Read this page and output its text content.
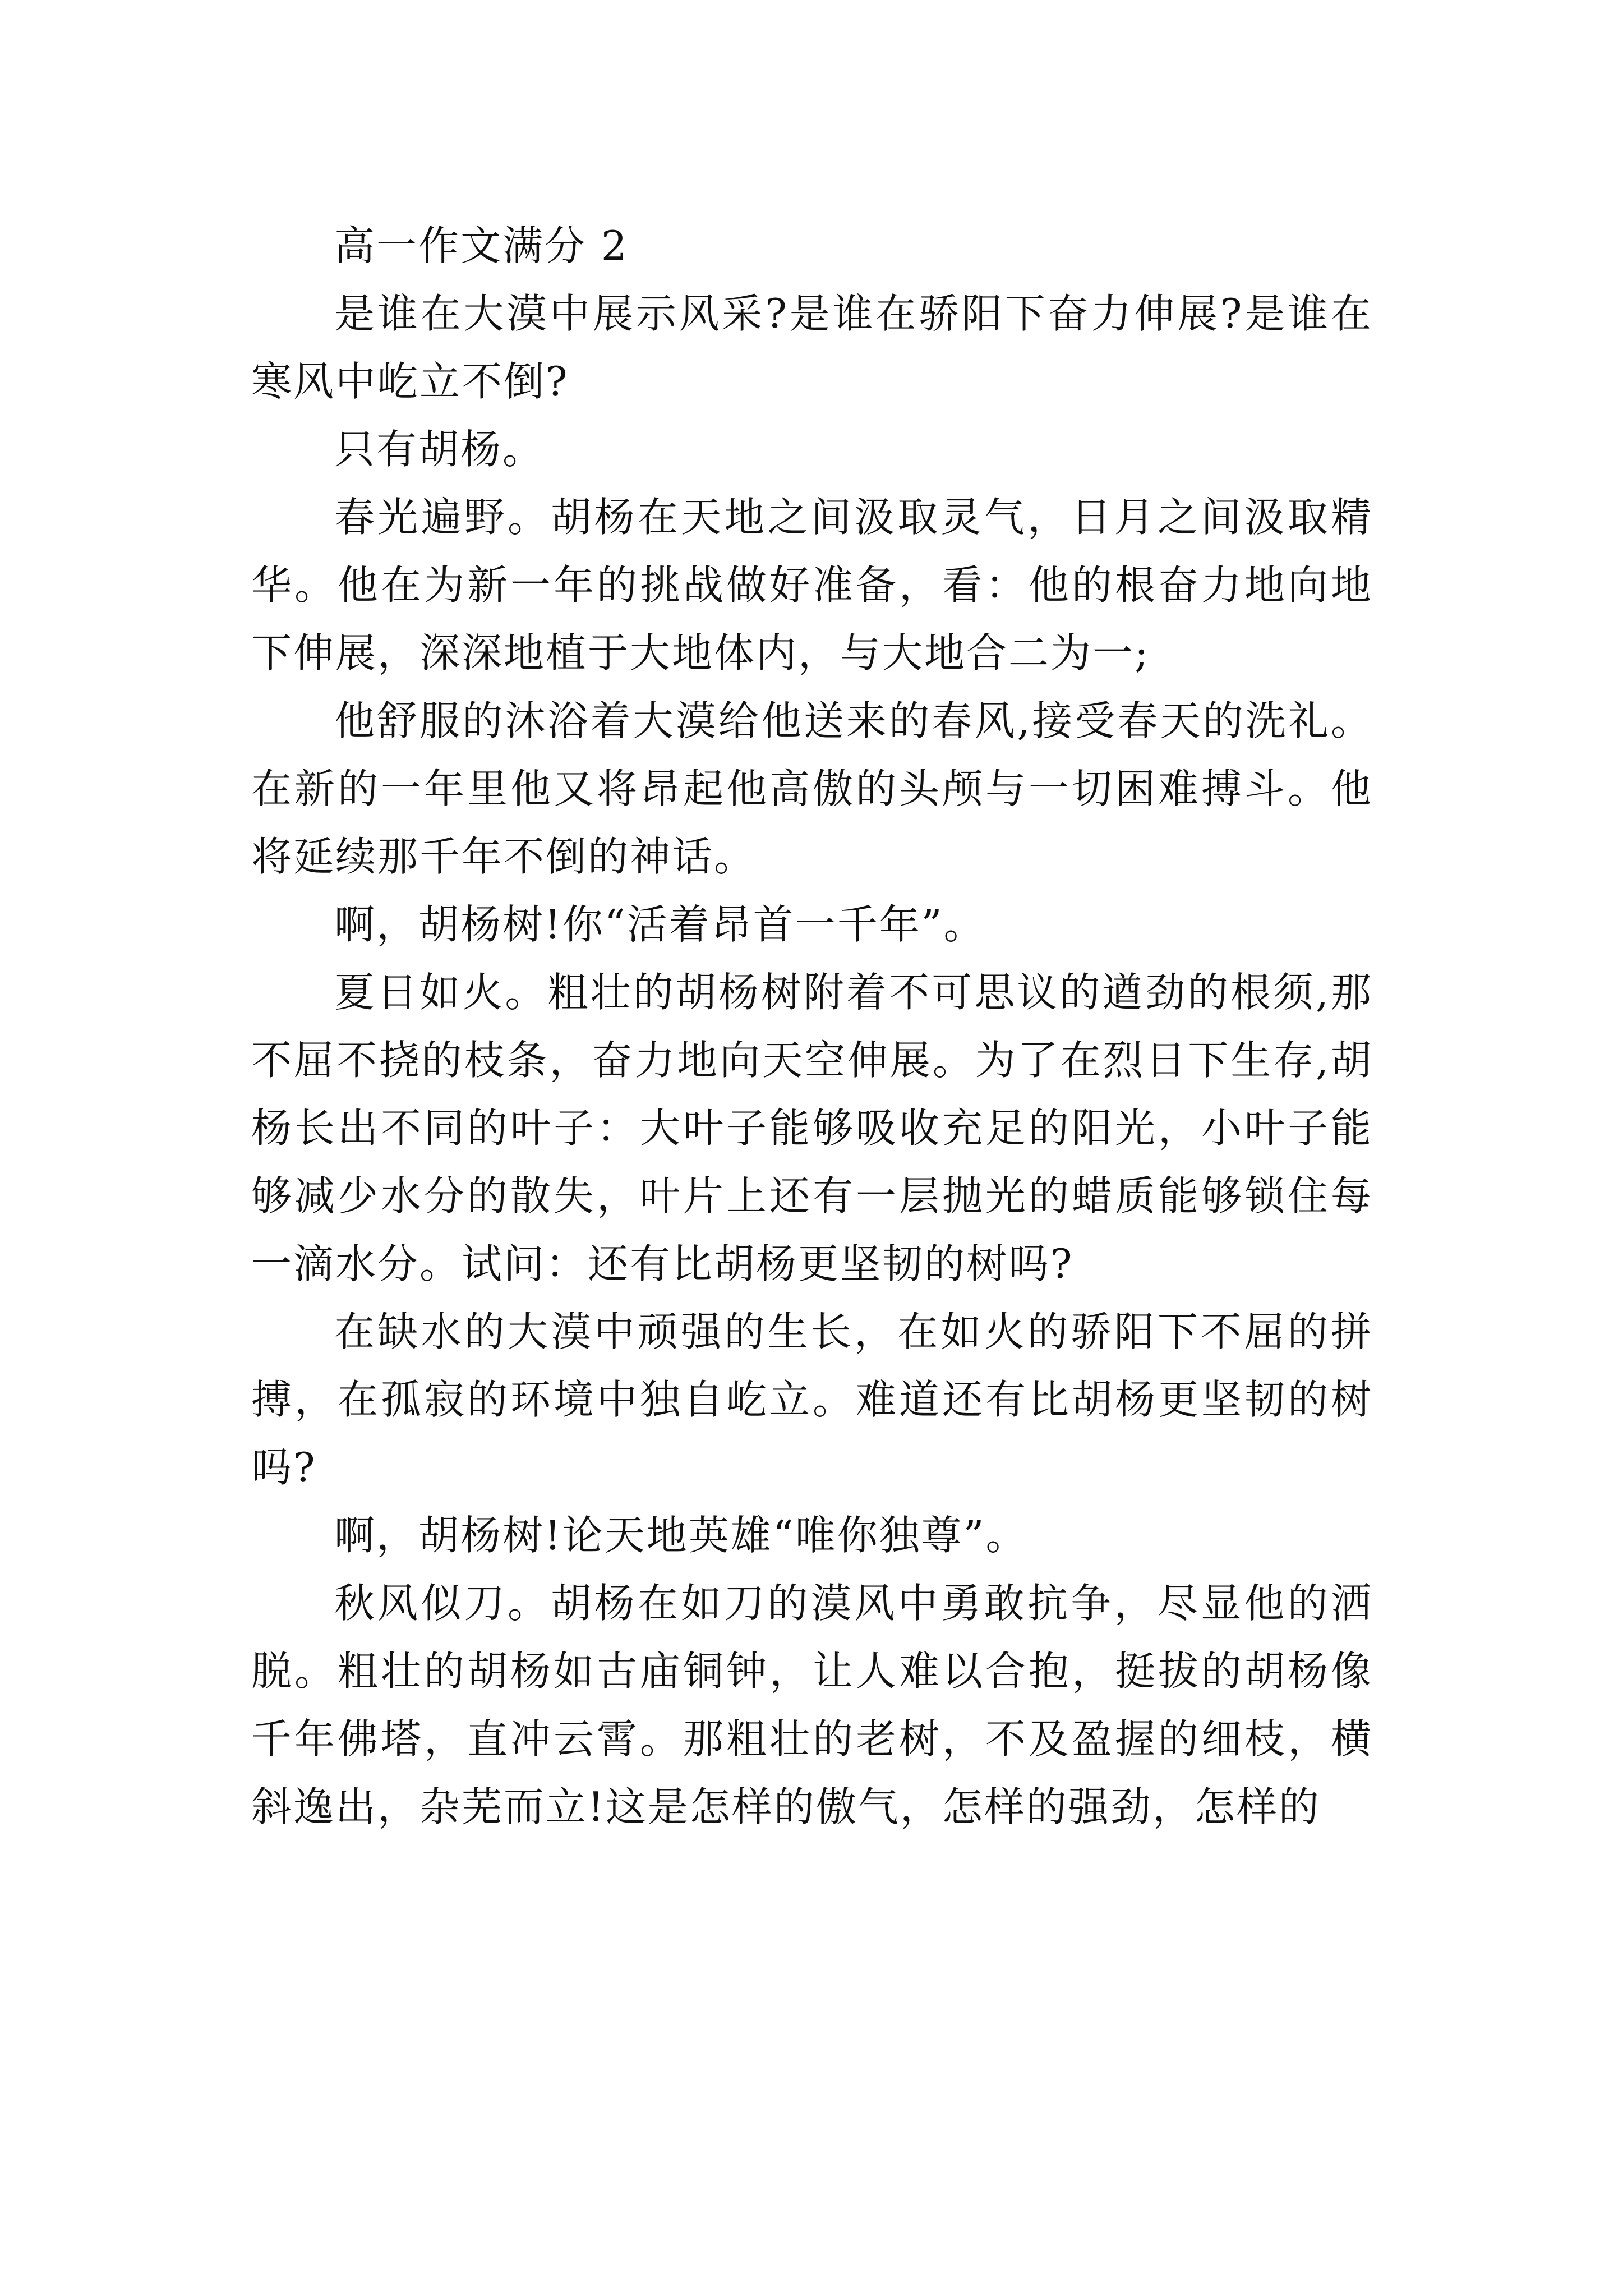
高一作文满分 2

是谁在大漠中展示风采?是谁在骄阳下奋力伸展?是谁在寒风中屹立不倒?

只有胡杨。

春光遍野。胡杨在天地之间汲取灵气，日月之间汲取精华。他在为新一年的挑战做好准备，看：他的根奋力地向地下伸展，深深地植于大地体内，与大地合二为一;

他舒服的沐浴着大漠给他送来的春风,接受春天的洗礼。在新的一年里他又将昂起他高傲的头颅与一切困难搏斗。他将延续那千年不倒的神话。

啊，胡杨树!你“活着昂首一千年”。

夏日如火。粗壮的胡杨树附着不可思议的遒劲的根须,那不屈不挠的枝条，奋力地向天空伸展。为了在烈日下生存,胡杨长出不同的叶子：大叶子能够吸收充足的阳光，小叶子能够减少水分的散失，叶片上还有一层抛光的蜡质能够锁住每一滴水分。试问：还有比胡杨更坚韧的树吗?

在缺水的大漠中顽强的生长，在如火的骄阳下不屈的拼搏，在孤寂的环境中独自屹立。难道还有比胡杨更坚韧的树吗?

啊，胡杨树!论天地英雄“唯你独尊”。

秋风似刀。胡杨在如刀的漠风中勇敢抗争，尽显他的洒脱。粗壮的胡杨如古庙铜钟，让人难以合抱，挺拔的胡杨像千年佛塔，直冲云霄。那粗壮的老树，不及盈握的细枝，横斜逸出，杂芜而立!这是怎样的傲气，怎样的强劲，怎样的
